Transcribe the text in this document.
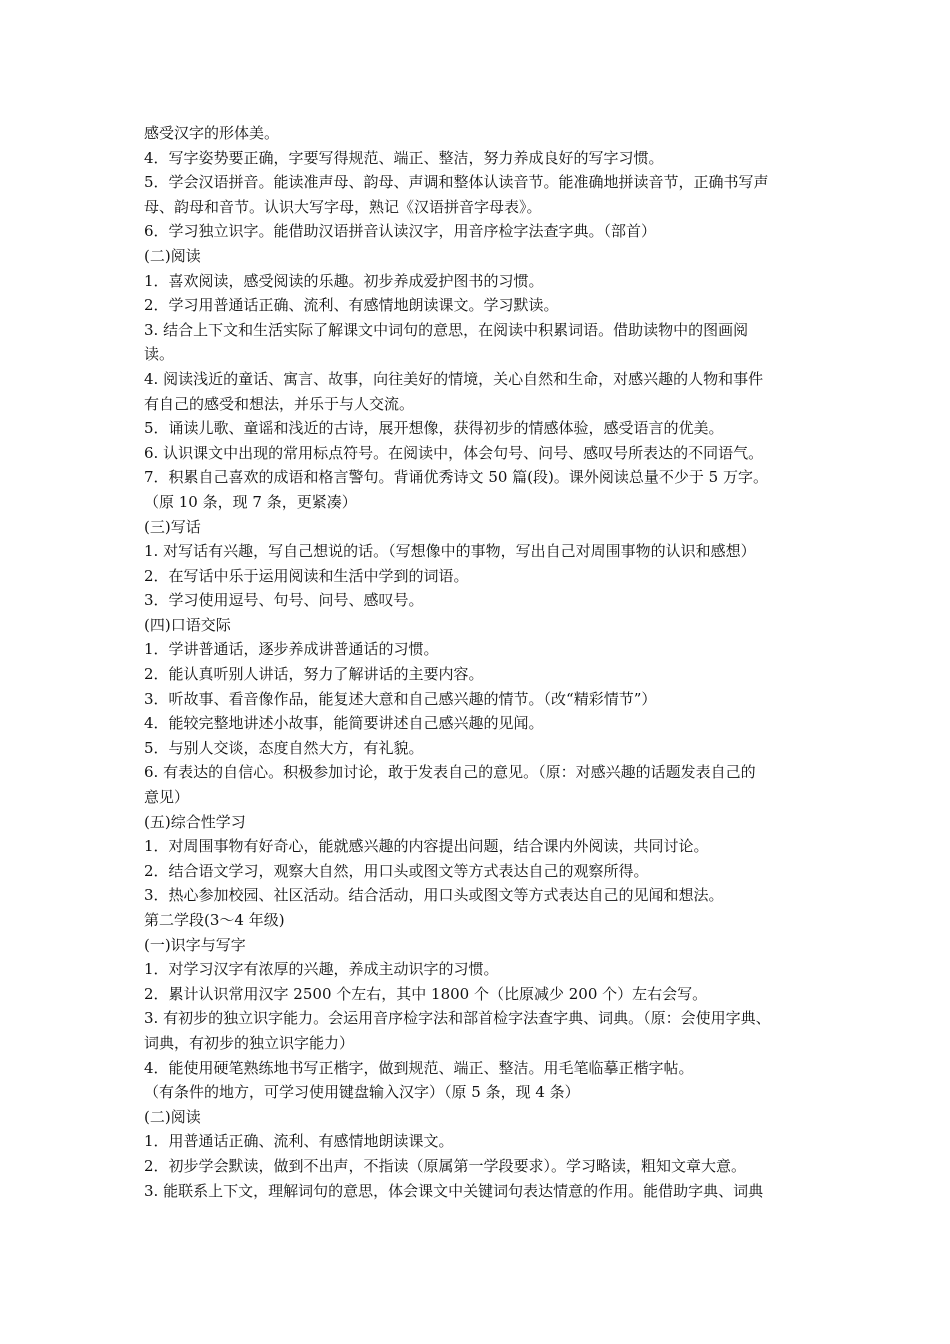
感受汉字的形体美。
4．写字姿势要正确，字要写得规范、端正、整洁，努力养成良好的写字习惯。
5．学会汉语拼音。能读准声母、韵母、声调和整体认读音节。能准确地拼读音节，正确书写声
母、韵母和音节。认识大写字母，熟记《汉语拼音字母表》。
6．学习独立识字。能借助汉语拼音认读汉字，用音序检字法查字典。（部首）
(二)阅读
1．喜欢阅读，感受阅读的乐趣。初步养成爱护图书的习惯。
2．学习用普通话正确、流利、有感情地朗读课文。学习默读。
3. 结合上下文和生活实际了解课文中词句的意思，在阅读中积累词语。借助读物中的图画阅
读。
4. 阅读浅近的童话、寓言、故事，向往美好的情境，关心自然和生命，对感兴趣的人物和事件
有自己的感受和想法，并乐于与人交流。
5．诵读儿歌、童谣和浅近的古诗，展开想像，获得初步的情感体验，感受语言的优美。
6. 认识课文中出现的常用标点符号。在阅读中，体会句号、问号、感叹号所表达的不同语气。
7．积累自己喜欢的成语和格言警句。背诵优秀诗文 50 篇(段)。课外阅读总量不少于 5 万字。
（原 10 条，现 7 条，更紧凑）
(三)写话
1. 对写话有兴趣，写自己想说的话。（写想像中的事物，写出自己对周围事物的认识和感想）
2．在写话中乐于运用阅读和生活中学到的词语。
3．学习使用逗号、句号、问号、感叹号。
(四)口语交际
1．学讲普通话，逐步养成讲普通话的习惯。
2．能认真听别人讲话，努力了解讲话的主要内容。
3．听故事、看音像作品，能复述大意和自己感兴趣的情节。（改“精彩情节”）
4．能较完整地讲述小故事，能简要讲述自己感兴趣的见闻。
5．与别人交谈，态度自然大方，有礼貌。
6. 有表达的自信心。积极参加讨论，敢于发表自己的意见。（原：对感兴趣的话题发表自己的
意见）
(五)综合性学习
1．对周围事物有好奇心，能就感兴趣的内容提出问题，结合课内外阅读，共同讨论。
2．结合语文学习，观察大自然，用口头或图文等方式表达自己的观察所得。
3．热心参加校园、社区活动。结合活动，用口头或图文等方式表达自己的见闻和想法。
第二学段(3～4 年级)
(一)识字与写字
1．对学习汉字有浓厚的兴趣，养成主动识字的习惯。
2．累计认识常用汉字 2500 个左右，其中 1800 个（比原减少 200 个）左右会写。
3. 有初步的独立识字能力。会运用音序检字法和部首检字法查字典、词典。（原：会使用字典、
词典，有初步的独立识字能力）
4．能使用硬笔熟练地书写正楷字，做到规范、端正、整洁。用毛笔临摹正楷字帖。
（有条件的地方，可学习使用键盘输入汉字）（原 5 条，现 4 条）
(二)阅读
1．用普通话正确、流利、有感情地朗读课文。
2．初步学会默读，做到不出声，不指读（原属第一学段要求）。学习略读，粗知文章大意。
3. 能联系上下文，理解词句的意思，体会课文中关键词句表达情意的作用。能借助字典、词典
